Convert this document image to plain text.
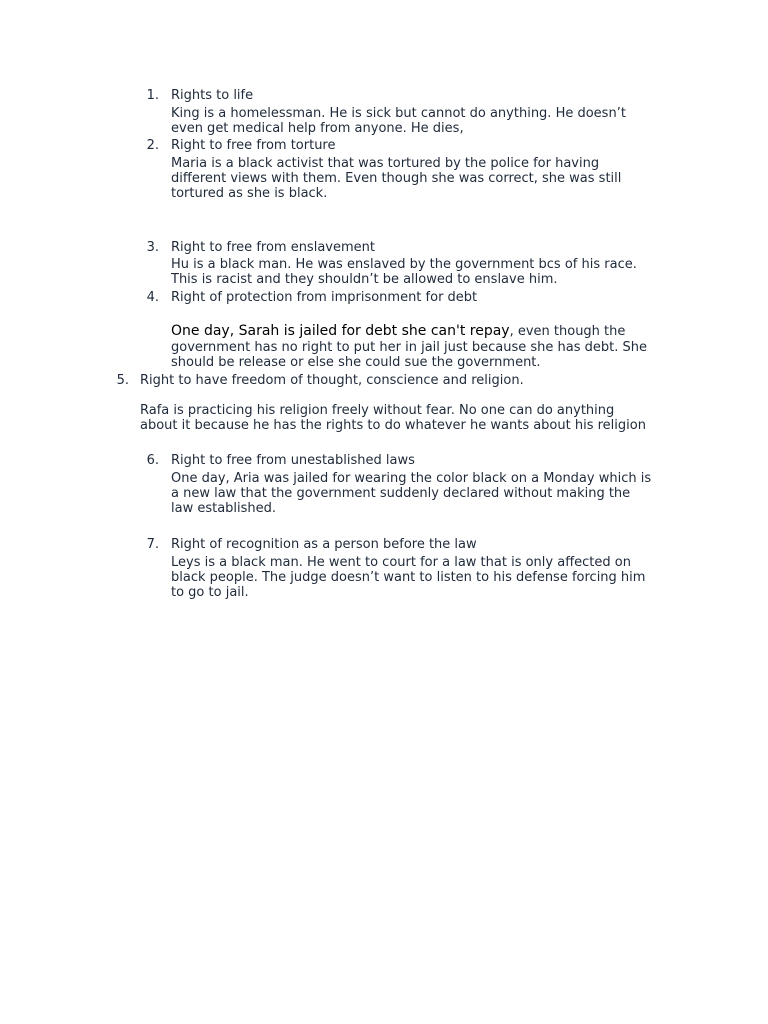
1. Rights to life
King is a homelessman. He is sick but cannot do anything. He doesn’t
even get medical help from anyone. He dies,
2. Right to free from torture
Maria is a black activist that was tortured by the police for having
different views with them. Even though she was correct, she was still
tortured as she is black.
3. Right to free from enslavement
Hu is a black man. He was enslaved by the government bcs of his race.
This is racist and they shouldn’t be allowed to enslave him.
4. Right of protection from imprisonment for debt
One day, Sarah is jailed for debt she can't repay, even though the
government has no right to put her in jail just because she has debt. She
should be release or else she could sue the government.
5. Right to have freedom of thought, conscience and religion.
Rafa is practicing his religion freely without fear. No one can do anything
about it because he has the rights to do whatever he wants about his religion
6. Right to free from unestablished laws
One day, Aria was jailed for wearing the color black on a Monday which is
a new law that the government suddenly declared without making the
law established.
7. Right of recognition as a person before the law
Leys is a black man. He went to court for a law that is only affected on
black people. The judge doesn’t want to listen to his defense forcing him
to go to jail.
